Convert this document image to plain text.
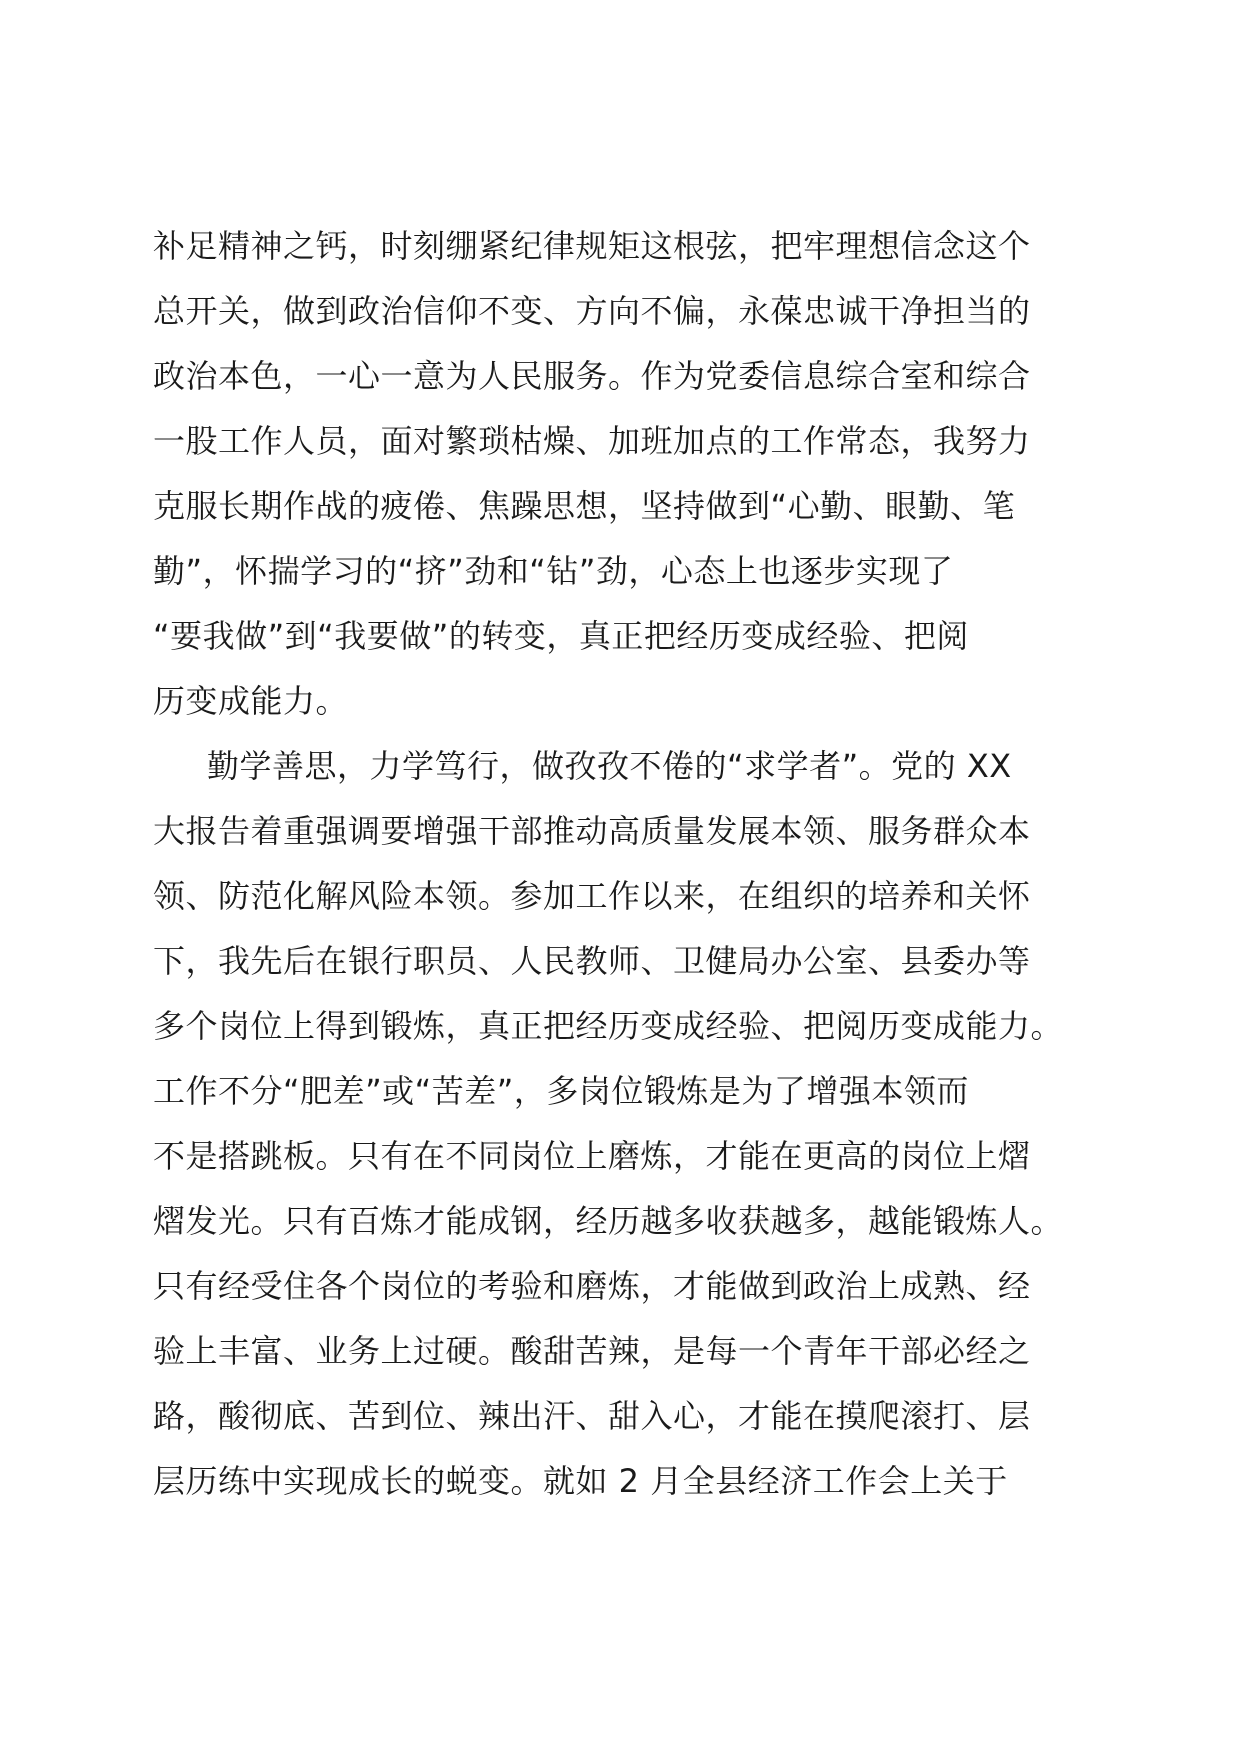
补足精神之钙，时刻绷紧纪律规矩这根弦，把牢理想信念这个
总开关，做到政治信仰不变、方向不偏，永葆忠诚干净担当的
政治本色，一心一意为人民服务。作为党委信息综合室和综合
一股工作人员，面对繁琐枯燥、加班加点的工作常态，我努力
克服长期作战的疲倦、焦躁思想，坚持做到“心勤、眼勤、笔
勤”，怀揣学习的“挤”劲和“钻”劲，心态上也逐步实现了
“要我做”到“我要做”的转变，真正把经历变成经验、把阅
历变成能力。
勤学善思，力学笃行，做孜孜不倦的“求学者”。党的 XX
大报告着重强调要增强干部推动高质量发展本领、服务群众本
领、防范化解风险本领。参加工作以来，在组织的培养和关怀
下，我先后在银行职员、人民教师、卫健局办公室、县委办等
多个岗位上得到锻炼，真正把经历变成经验、把阅历变成能力。
工作不分“肥差”或“苦差”，多岗位锻炼是为了增强本领而
不是搭跳板。只有在不同岗位上磨炼，才能在更高的岗位上熠
熠发光。只有百炼才能成钢，经历越多收获越多，越能锻炼人。
只有经受住各个岗位的考验和磨炼，才能做到政治上成熟、经
验上丰富、业务上过硬。酸甜苦辣，是每一个青年干部必经之
路，酸彻底、苦到位、辣出汗、甜入心，才能在摸爬滚打、层
层历练中实现成长的蜕变。就如 2 月全县经济工作会上关于
